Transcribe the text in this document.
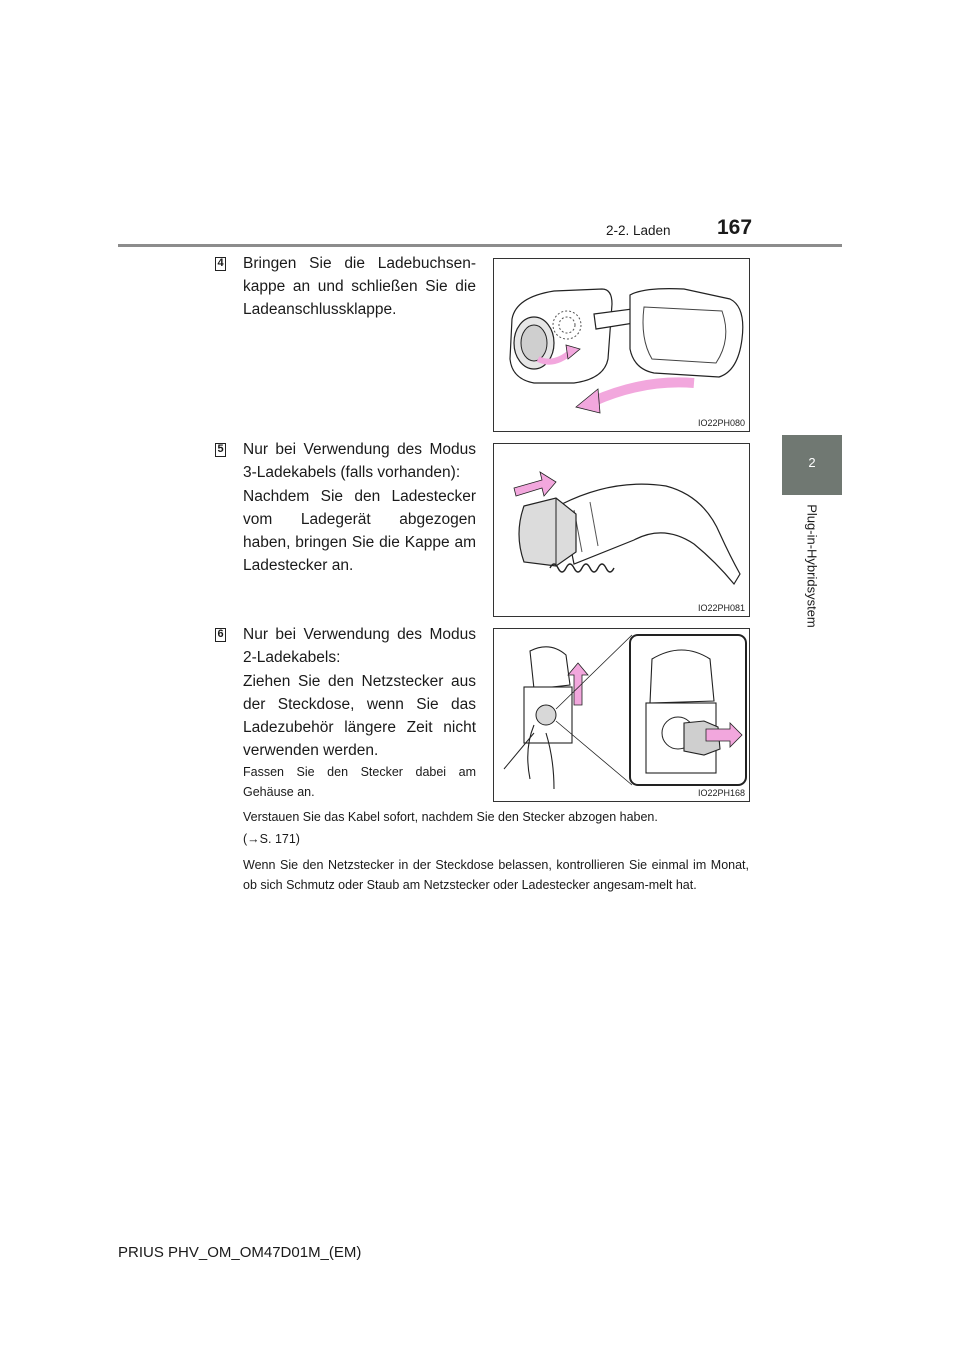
2-2. Laden 167
2
Plug-in-Hybridsystem
4 Bringen Sie die Ladebuchsen-kappe an und schließen Sie die Ladeanschlussklappe.
IO22PH080
5 Nur bei Verwendung des Modus 3-Ladekabels (falls vorhanden):
Nachdem Sie den Ladestecker vom Ladegerät abgezogen haben, bringen Sie die Kappe am Ladestecker an.
IO22PH081
6 Nur bei Verwendung des Modus 2-Ladekabels:
Ziehen Sie den Netzstecker aus der Steckdose, wenn Sie das Ladezubehör längere Zeit nicht verwenden werden.
Fassen Sie den Stecker dabei am Gehäuse an.	IO22PH168
Verstauen Sie das Kabel sofort, nachdem Sie den Stecker abzogen haben.
(→S. 171)
Wenn Sie den Netzstecker in der Steckdose belassen, kontrollieren Sie einmal im Monat, ob sich Schmutz oder Staub am Netzstecker oder Ladestecker angesam-melt hat.
PRIUS PHV_OM_OM47D01M_(EM)
